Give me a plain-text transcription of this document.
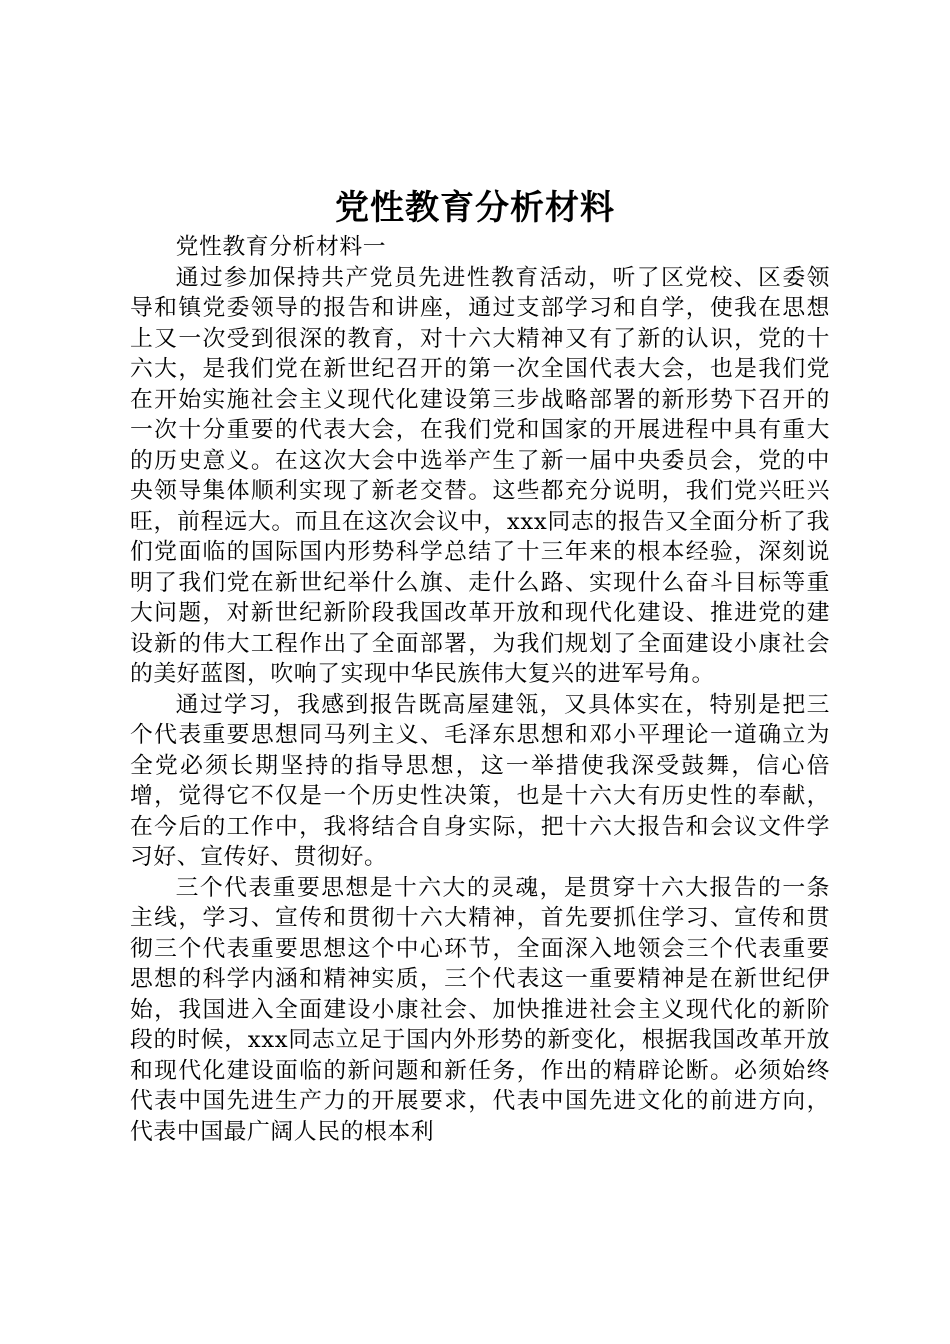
党性教育分析材料

党性教育分析材料一

通过参加保持共产党员先进性教育活动，听了区党校、区委领导和镇党委领导的报告和讲座，通过支部学习和自学，使我在思想上又一次受到很深的教育，对十六大精神又有了新的认识，党的十六大，是我们党在新世纪召开的第一次全国代表大会，也是我们党在开始实施社会主义现代化建设第三步战略部署的新形势下召开的一次十分重要的代表大会，在我们党和国家的开展进程中具有重大的历史意义。在这次大会中选举产生了新一届中央委员会，党的中央领导集体顺利实现了新老交替。这些都充分说明，我们党兴旺兴旺，前程远大。而且在这次会议中，xxx同志的报告又全面分析了我们党面临的国际国内形势科学总结了十三年来的根本经验，深刻说明了我们党在新世纪举什么旗、走什么路、实现什么奋斗目标等重大问题，对新世纪新阶段我国改革开放和现代化建设、推进党的建设新的伟大工程作出了全面部署，为我们规划了全面建设小康社会的美好蓝图，吹响了实现中华民族伟大复兴的进军号角。

通过学习，我感到报告既高屋建瓴，又具体实在，特别是把三个代表重要思想同马列主义、毛泽东思想和邓小平理论一道确立为全党必须长期坚持的指导思想，这一举措使我深受鼓舞，信心倍增，觉得它不仅是一个历史性决策，也是十六大有历史性的奉献，在今后的工作中，我将结合自身实际，把十六大报告和会议文件学习好、宣传好、贯彻好。

三个代表重要思想是十六大的灵魂，是贯穿十六大报告的一条主线，学习、宣传和贯彻十六大精神，首先要抓住学习、宣传和贯彻三个代表重要思想这个中心环节，全面深入地领会三个代表重要思想的科学内涵和精神实质，三个代表这一重要精神是在新世纪伊始，我国进入全面建设小康社会、加快推进社会主义现代化的新阶段的时候，xxx同志立足于国内外形势的新变化，根据我国改革开放和现代化建设面临的新问题和新任务，作出的精辟论断。必须始终代表中国先进生产力的开展要求，代表中国先进文化的前进方向，代表中国最广阔人民的根本利
